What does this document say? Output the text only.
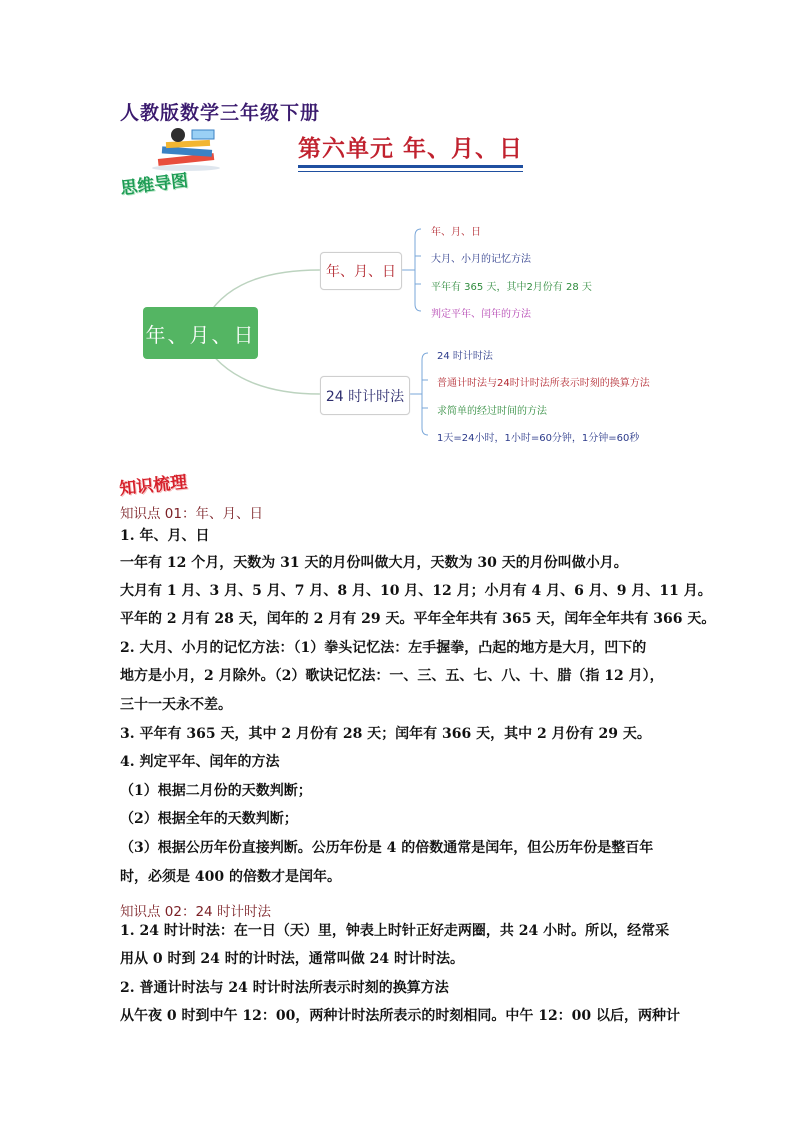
人教版数学三年级下册
第六单元 年、月、日
思维导图
年、月、日
年、月、日
24 时计时法
年、月、日
大月、小月的记忆方法
平年有 365 天，其中2月份有 28 天
判定平年、闰年的方法
24 时计时法
普通计时法与24时计时法所表示时刻的换算方法
求简单的经过时间的方法
1天=24小时，1小时=60分钟，1分钟=60秒
知识梳理
知识点 01：年、月、日
1. 年、月、日
一年有 12 个月，天数为 31 天的月份叫做大月，天数为 30 天的月份叫做小月。
大月有 1 月、3 月、5 月、7 月、8 月、10 月、12 月；小月有 4 月、6 月、9 月、11 月。
平年的 2 月有 28 天，闰年的 2 月有 29 天。平年全年共有 365 天，闰年全年共有 366 天。
2. 大月、小月的记忆方法：（1）拳头记忆法：左手握拳，凸起的地方是大月，凹下的
地方是小月，2 月除外。（2）歌诀记忆法：一、三、五、七、八、十、腊（指 12 月），
三十一天永不差。
3. 平年有 365 天，其中 2 月份有 28 天；闰年有 366 天，其中 2 月份有 29 天。
4. 判定平年、闰年的方法
（1）根据二月份的天数判断；
（2）根据全年的天数判断；
（3）根据公历年份直接判断。公历年份是 4 的倍数通常是闰年，但公历年份是整百年
时，必须是 400 的倍数才是闰年。
知识点 02：24 时计时法
1. 24 时计时法：在一日（天）里，钟表上时针正好走两圈，共 24 小时。所以，经常采
用从 0 时到 24 时的计时法，通常叫做 24 时计时法。
2. 普通计时法与 24 时计时法所表示时刻的换算方法
从午夜 0 时到中午 12：00，两种计时法所表示的时刻相同。中午 12：00 以后，两种计
